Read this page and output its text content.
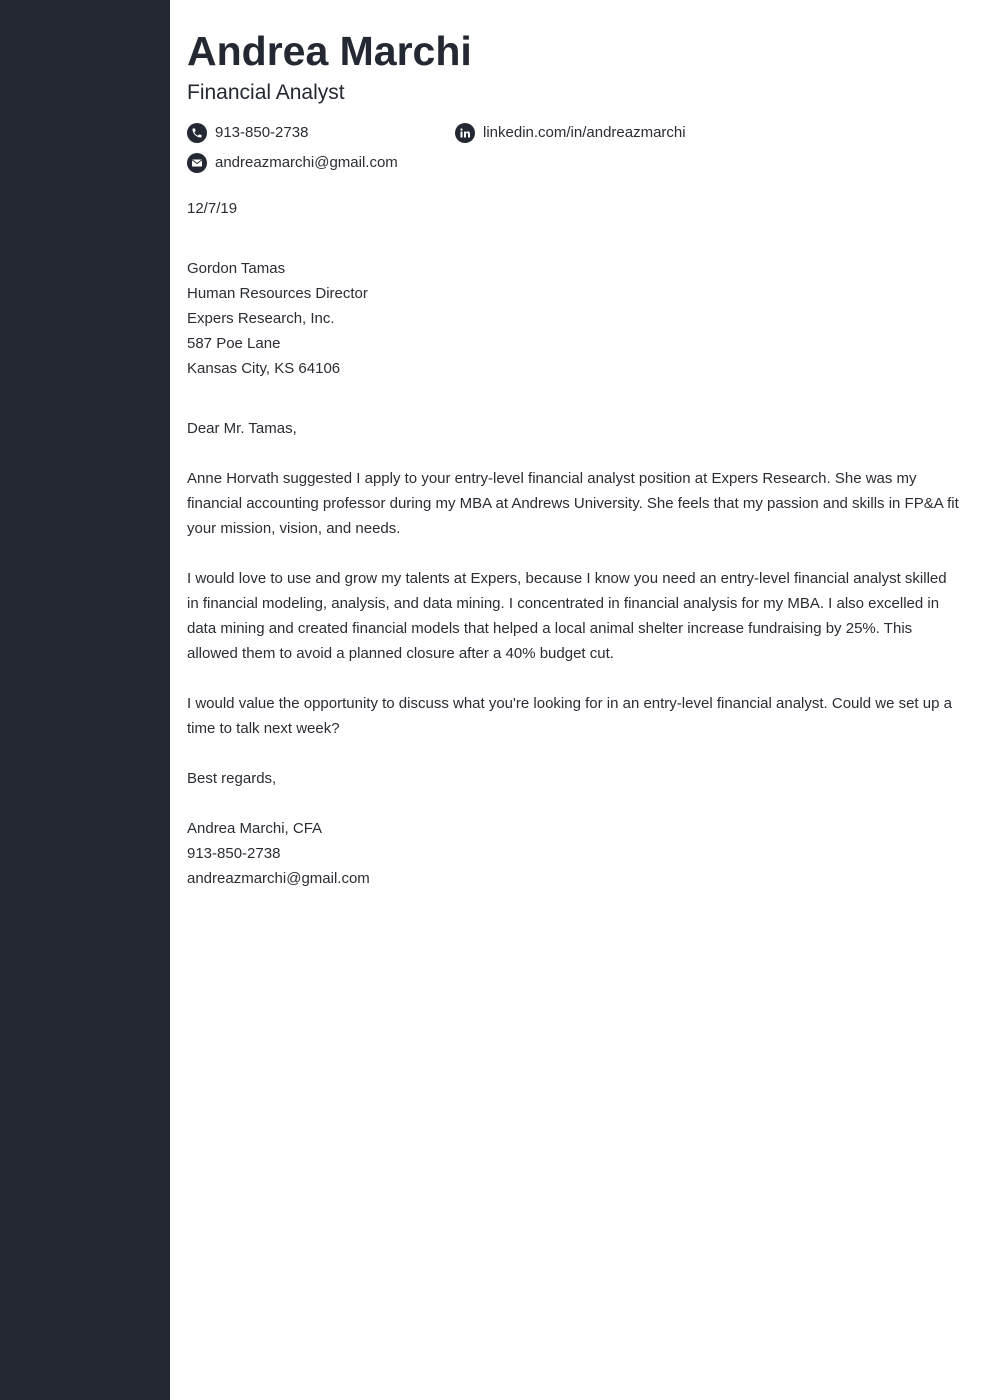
Andrea Marchi
Financial Analyst
913-850-2738	linkedin.com/in/andreazmarchi
andreazmarchi@gmail.com
12/7/19
Gordon Tamas
Human Resources Director
Expers Research, Inc.
587 Poe Lane
Kansas City, KS 64106
Dear Mr. Tamas,

Anne Horvath suggested I apply to your entry-level financial analyst position at Expers Research. She was my financial accounting professor during my MBA at Andrews University. She feels that my passion and skills in FP&A fit your mission, vision, and needs.

I would love to use and grow my talents at Expers, because I know you need an entry-level financial analyst skilled in financial modeling, analysis, and data mining. I concentrated in financial analysis for my MBA. I also excelled in data mining and created financial models that helped a local animal shelter increase fundraising by 25%. This allowed them to avoid a planned closure after a 40% budget cut.

I would value the opportunity to discuss what you're looking for in an entry-level financial analyst. Could we set up a time to talk next week?

Best regards,
Andrea Marchi, CFA
913-850-2738
andreazmarchi@gmail.com
